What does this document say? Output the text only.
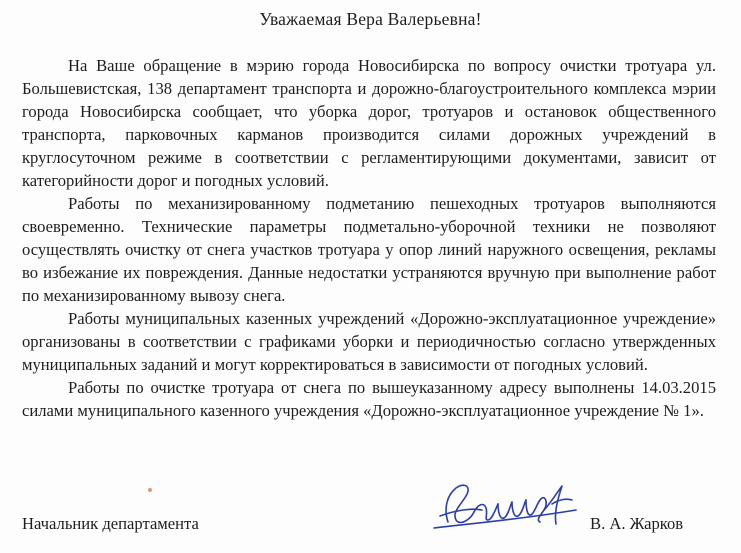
Уважаемая Вера Валерьевна!

На Ваше обращение в мэрию города Новосибирска по вопросу очистки тротуара ул. Большевистская, 138 департамент транспорта и дорожно-благоустроительного комплекса мэрии города Новосибирска сообщает, что уборка дорог, тротуаров и остановок общественного транспорта, парковочных карманов производится силами дорожных учреждений в круглосуточном режиме в соответствии с регламентирующими документами, зависит от категорийности дорог и погодных условий.

Работы по механизированному подметанию пешеходных тротуаров выполняются своевременно. Технические параметры подметально-уборочной техники не позволяют осуществлять очистку от снега участков тротуара у опор линий наружного освещения, рекламы во избежание их повреждения. Данные недостатки устраняются вручную при выполнение работ по механизированному вывозу снега.

Работы муниципальных казенных учреждений «Дорожно-эксплуатационное учреждение» организованы в соответствии с графиками уборки и периодичностью согласно утвержденных муниципальных заданий и могут корректироваться в зависимости от погодных условий.

Работы по очистке тротуара от снега по вышеуказанному адресу выполнены 14.03.2015 силами муниципального казенного учреждения «Дорожно-эксплуатационное учреждение № 1».

Начальник департамента	В. А. Жарков
